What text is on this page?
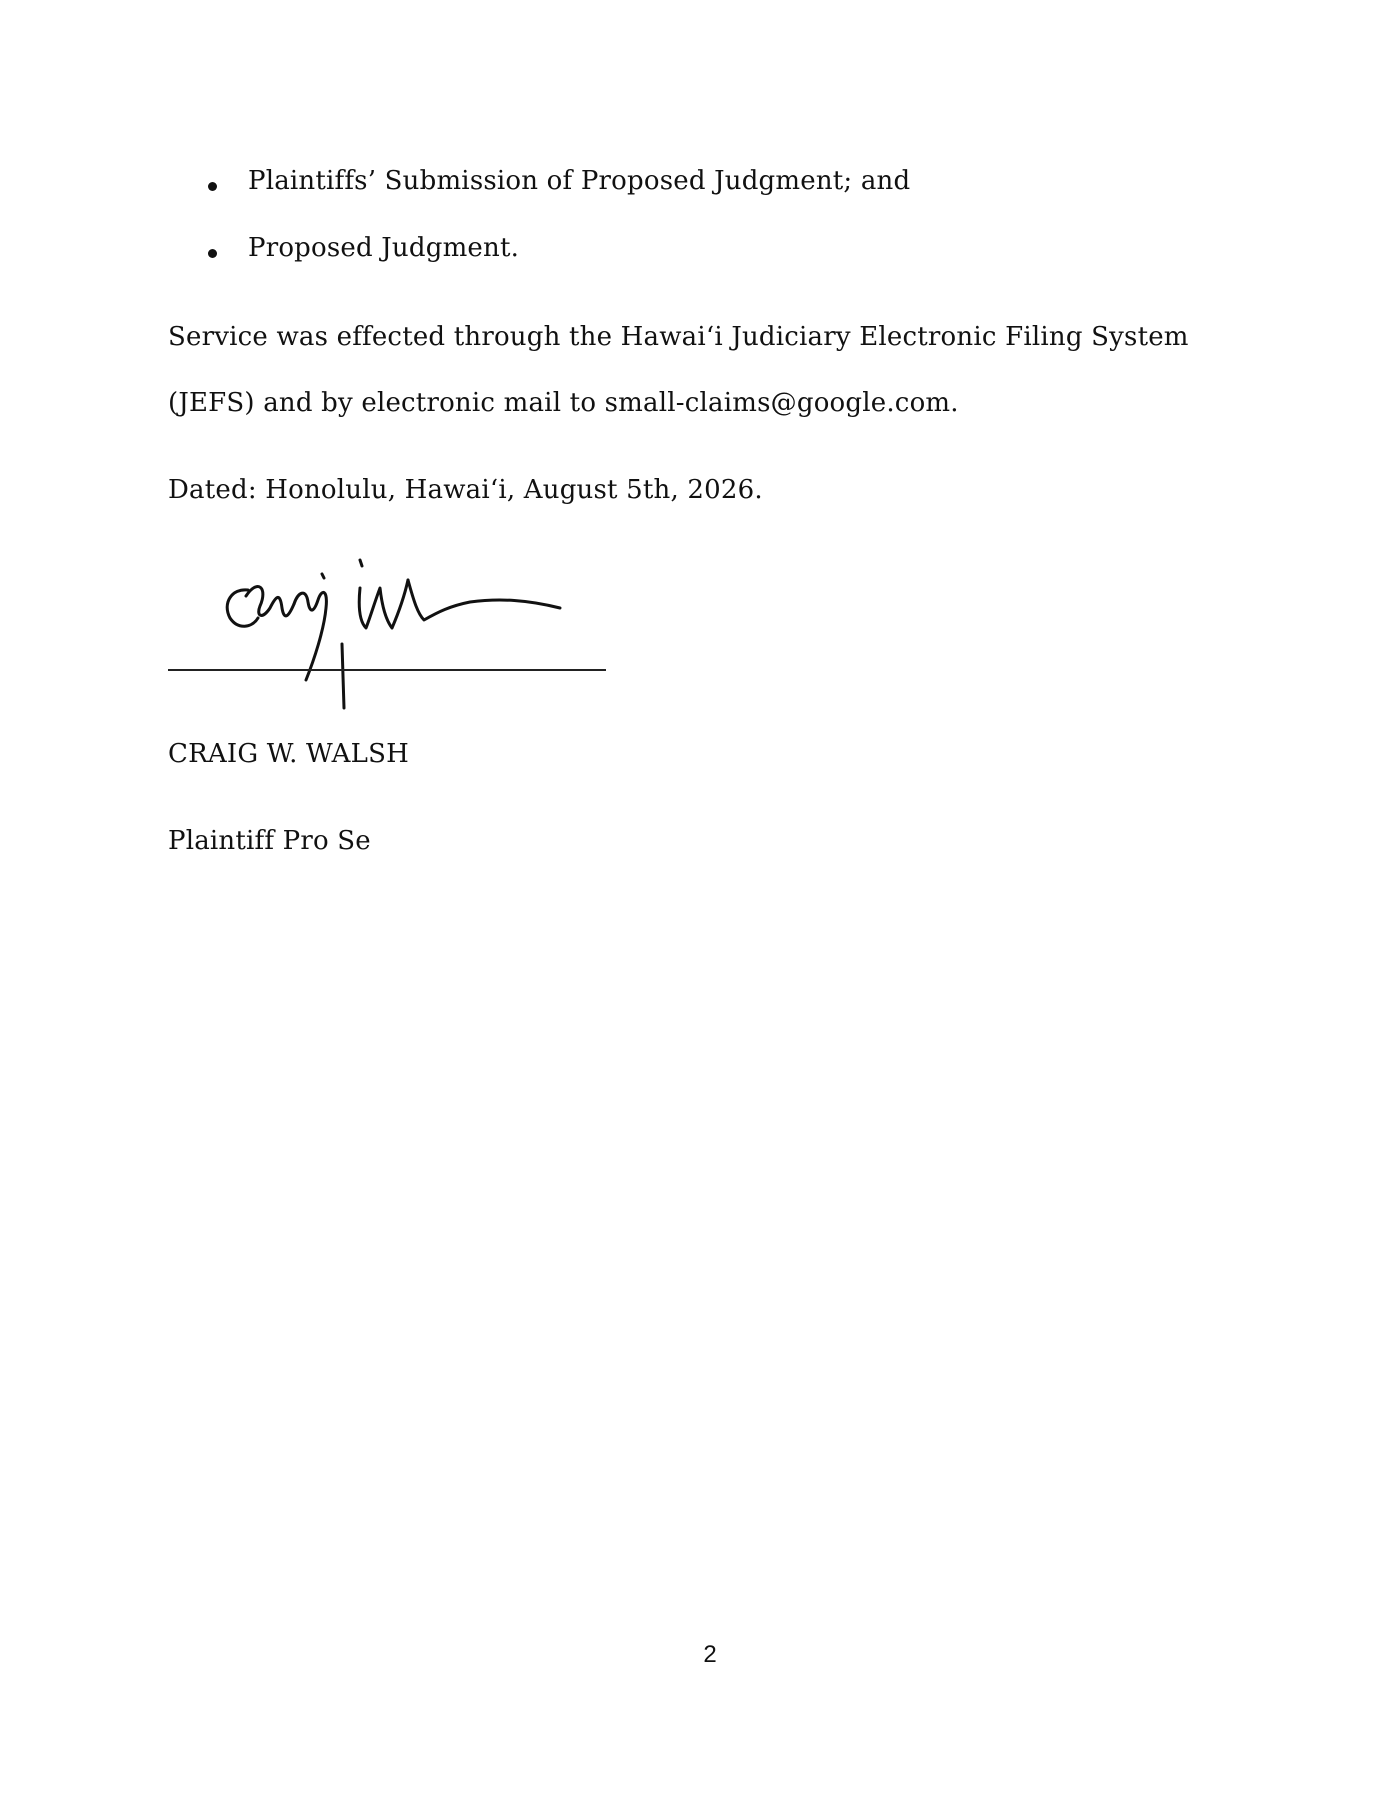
Plaintiffs’ Submission of Proposed Judgment; and
Proposed Judgment.
Service was effected through the Hawaiʻi Judiciary Electronic Filing System
(JEFS) and by electronic mail to small-claims@google.com.
Dated: Honolulu, Hawaiʻi, August 5th, 2026.
CRAIG W. WALSH
Plaintiff Pro Se
2
